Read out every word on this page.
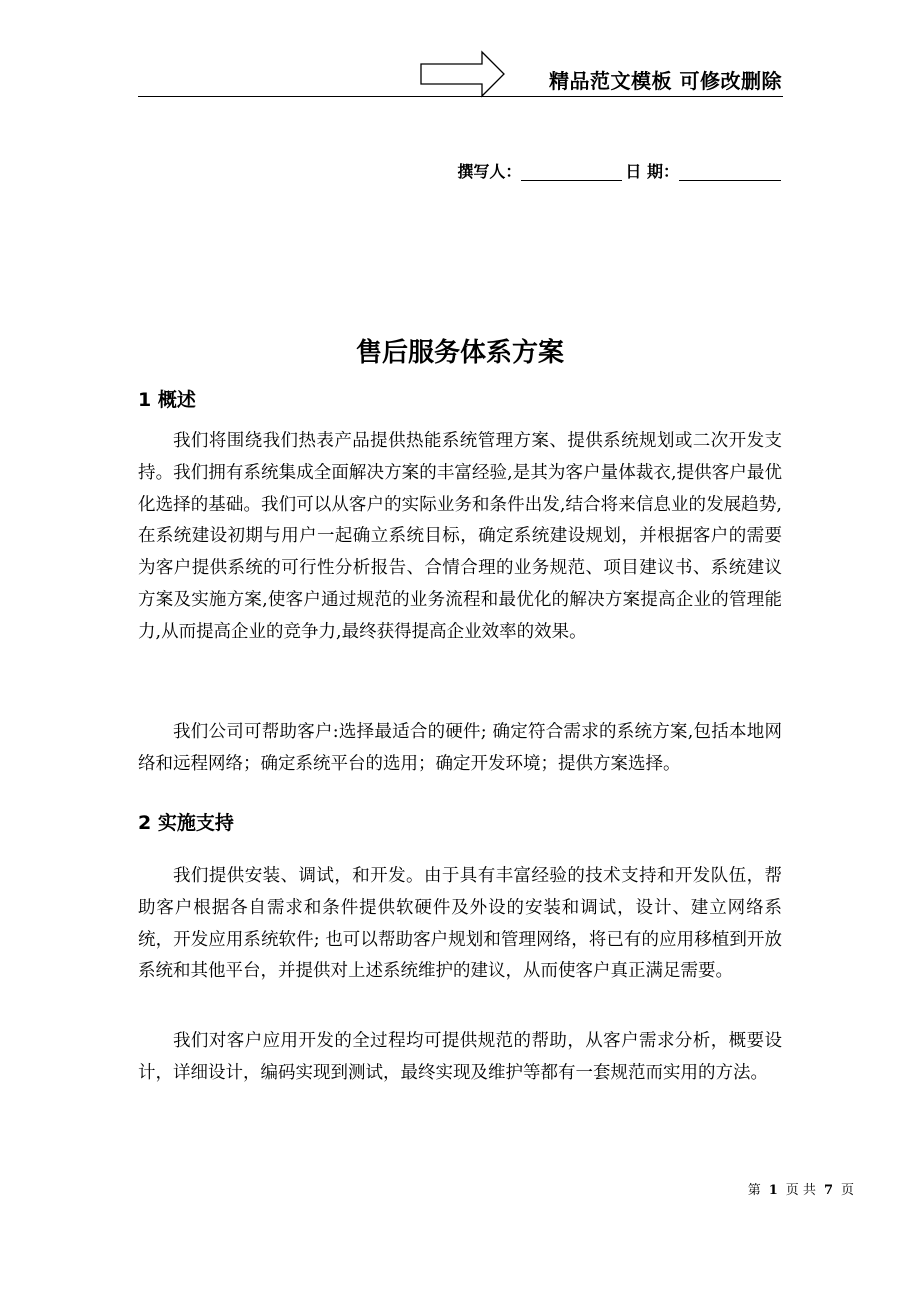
精品范文模板 可修改删除
撰写人：	日 期：
售后服务体系方案
1 概述

我们将围绕我们热表产品提供热能系统管理方案、提供系统规划或二次开发支持。我们拥有系统集成全面解决方案的丰富经验,是其为客户量体裁衣,提供客户最优化选择的基础。我们可以从客户的实际业务和条件出发,结合将来信息业的发展趋势,在系统建设初期与用户一起确立系统目标，确定系统建设规划，并根据客户的需要为客户提供系统的可行性分析报告、合情合理的业务规范、项目建议书、系统建议方案及实施方案,使客户通过规范的业务流程和最优化的解决方案提高企业的管理能力,从而提高企业的竞争力,最终获得提高企业效率的效果。

我们公司可帮助客户:选择最适合的硬件; 确定符合需求的系统方案,包括本地网络和远程网络；确定系统平台的选用；确定开发环境；提供方案选择。

2 实施支持

我们提供安装、调试，和开发。由于具有丰富经验的技术支持和开发队伍，帮助客户根据各自需求和条件提供软硬件及外设的安装和调试，设计、建立网络系统，开发应用系统软件; 也可以帮助客户规划和管理网络，将已有的应用移植到开放系统和其他平台，并提供对上述系统维护的建议，从而使客户真正满足需要。

我们对客户应用开发的全过程均可提供规范的帮助，从客户需求分析，概要设计，详细设计，编码实现到测试，最终实现及维护等都有一套规范而实用的方法。

第 1 页 共 7 页
